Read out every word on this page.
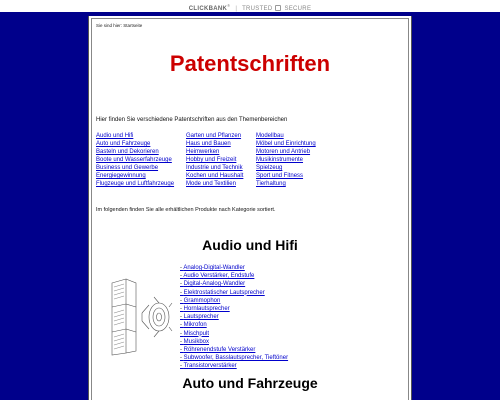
CLICKBANK® | TRUSTED SECURE
Sie sind hier: Startseite
Patentschriften
Hier finden Sie verschiedene Patentschriften aus den Themenbereichen
Audio und Hifi
Auto und Fahrzeuge
Basteln und Dekorieren
Boote und Wasserfahrzeuge
Business und Gewerbe
Energiegewinnung
Flugzeuge und Luftfahrzeuge
Garten und Pflanzen
Haus und Bauen
Heimwerken
Hobby und Freizeit
Industrie und Technik
Kochen und Haushalt
Mode und Textilien
Modellbau
Möbel und Einrichtung
Motoren und Antrieb
Musikinstrumente
Spielzeug
Sport und Fitness
Tierhaltung
Im folgenden finden Sie alle erhältlichen Produkte nach Kategorie sortiert.
Audio und Hifi
- Analog-Digital-Wandler
- Audio Verstärker, Endstufe
- Digital-Analog-Wandler
- Elektrostatischer Lautsprecher
- Grammophon
- Hornlautsprecher
- Lautsprecher
- Mikrofon
- Mischpult
- Musikbox
- Röhrenendstufe Verstärker
- Subwoofer, Basslautsprecher, Tieftöner
- Transistorverstärker
Auto und Fahrzeuge
